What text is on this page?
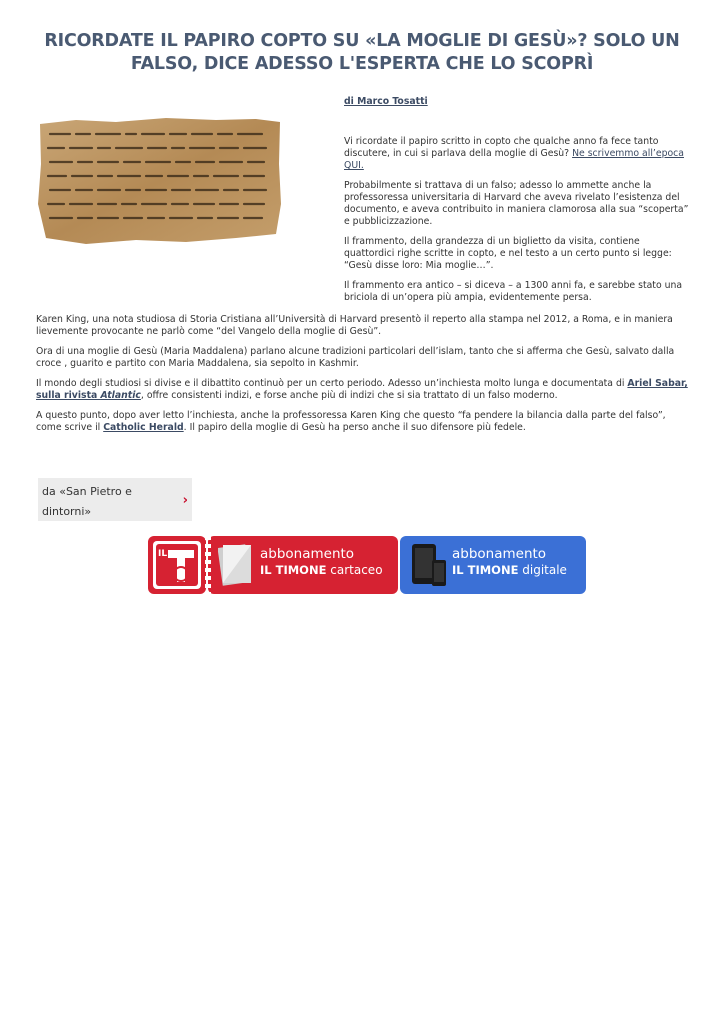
RICORDATE IL PAPIRO COPTO SU «LA MOGLIE DI GESÙ»? SOLO UN FALSO, DICE ADESSO L'ESPERTA CHE LO SCOPRÌ
di Marco Tosatti

Vi ricordate il papiro scritto in copto che qualche anno fa fece tanto discutere, in cui si parlava della moglie di Gesù? Ne scrivemmo all’epoca QUI.

Probabilmente si trattava di un falso; adesso lo ammette anche la professoressa universitaria di Harvard che aveva rivelato l’esistenza del documento, e aveva contribuito in maniera clamorosa alla sua “scoperta” e pubblicizzazione.

Il frammento, della grandezza di un biglietto da visita, contiene quattordici righe scritte in copto, e nel testo a un certo punto si legge: “Gesù disse loro: Mia moglie…”.

Il frammento era antico – si diceva – a 1300 anni fa, e sarebbe stato una briciola di un’opera più ampia, evidentemente persa.

Karen King, una nota studiosa di Storia Cristiana all’Università di Harvard presentò il reperto alla stampa nel 2012, a Roma, e in maniera lievemente provocante ne parlò come “del Vangelo della moglie di Gesù”.

Ora di una moglie di Gesù (Maria Maddalena) parlano alcune tradizioni particolari dell’islam, tanto che si afferma che Gesù, salvato dalla croce , guarito e partito con Maria Maddalena, sia sepolto in Kashmir.

Il mondo degli studiosi si divise e il dibattito continuò per un certo periodo. Adesso un’inchiesta molto lunga e documentata di Ariel Sabar, sulla rivista Atlantic, offre consistenti indizi, e forse anche più di indizi che si sia trattato di un falso moderno.

A questo punto, dopo aver letto l’inchiesta, anche la professoressa Karen King che questo “fa pendere la bilancia dalla parte del falso”, come scrive il Catholic Herald. Il papiro della moglie di Gesù ha perso anche il suo difensore più fedele.

da «San Pietro e dintorni»
›
IL	abbonamento
IL TIMONE cartaceo
abbonamento
IL TIMONE digitale
